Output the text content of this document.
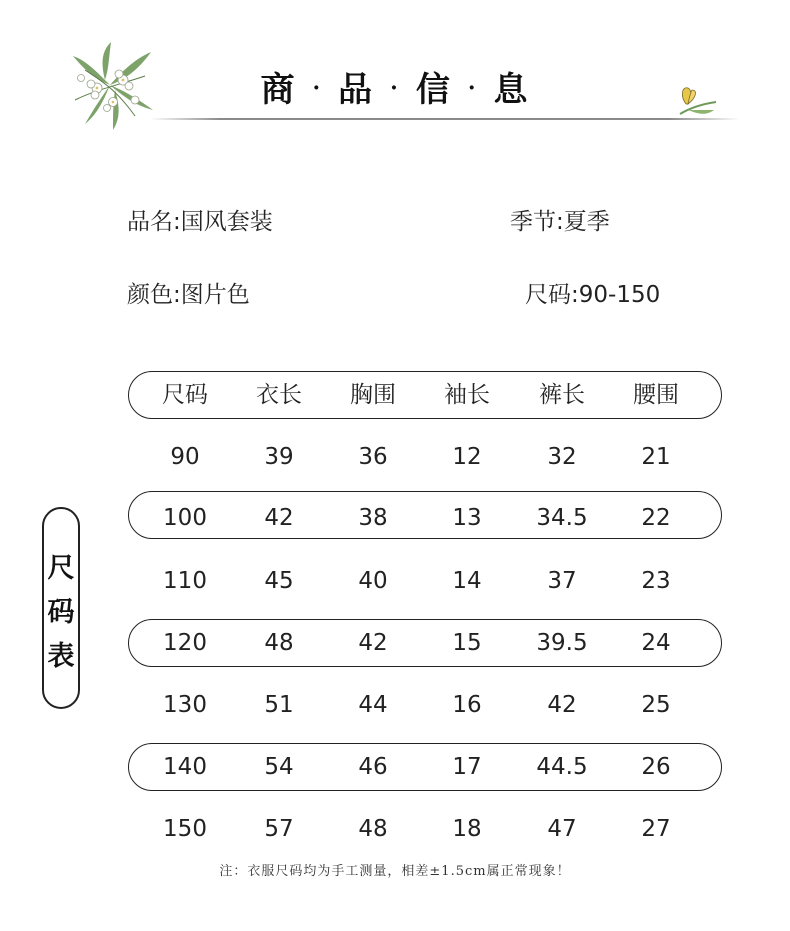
商 · 品 · 信 · 息
品名:国风套装	季节:夏季
颜色:图片色	尺码:90-150
尺
码
表
尺码	衣长	胸围	袖长	裤长	腰围
90	39	36	12	32	21
100	42	38	13	34.5	22
110	45	40	14	37	23
120	48	42	15	39.5	24
130	51	44	16	42	25
140	54	46	17	44.5	26
150	57	48	18	47	27
注：衣服尺码均为手工测量，相差±1.5cm属正常现象！
